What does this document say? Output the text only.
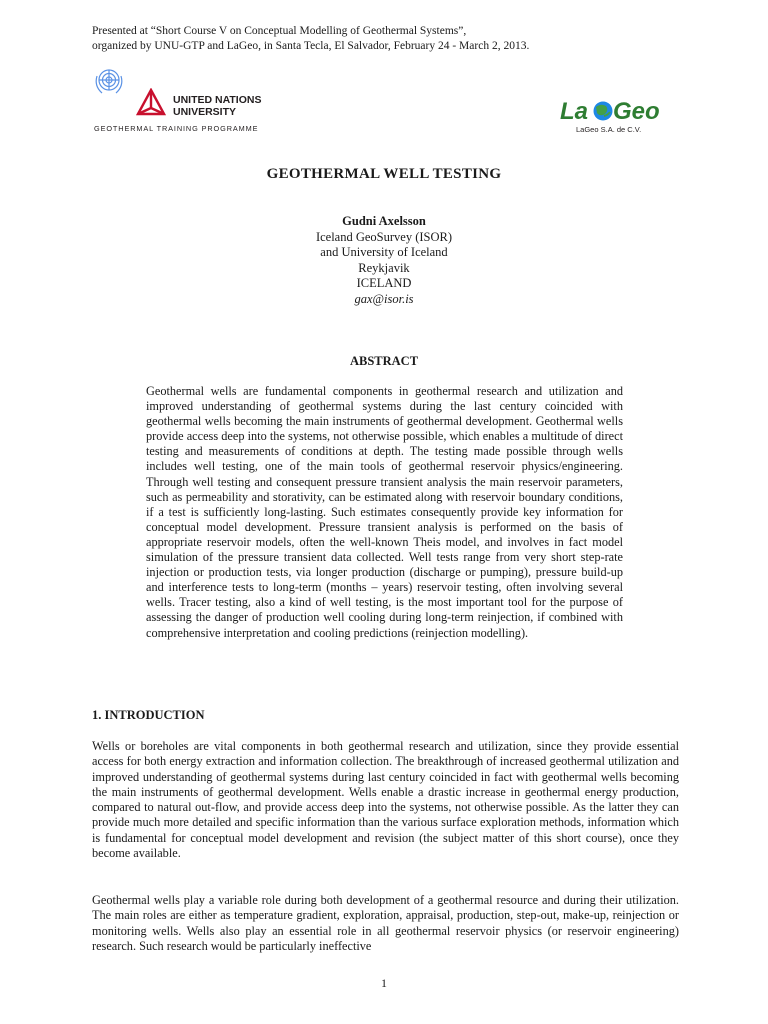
Presented at “Short Course V on Conceptual Modelling of Geothermal Systems”,
organized by UNU-GTP and LaGeo, in Santa Tecla, El Salvador, February 24 - March 2, 2013.
UNITED NATIONS
UNIVERSITY
GEOTHERMAL TRAINING PROGRAMME
La Geo
LaGeo S.A. de C.V.
GEOTHERMAL WELL TESTING
Gudni Axelsson
Iceland GeoSurvey (ISOR)
and University of Iceland
Reykjavik
ICELAND
gax@isor.is
ABSTRACT

Geothermal wells are fundamental components in geothermal research and utilization and improved understanding of geothermal systems during the last century coincided with geothermal wells becoming the main instruments of geothermal development. Geothermal wells provide access deep into the systems, not otherwise possible, which enables a multitude of direct testing and measurements of conditions at depth. The testing made possible through wells includes well testing, one of the main tools of geothermal reservoir physics/engineering. Through well testing and consequent pressure transient analysis the main reservoir parameters, such as permeability and storativity, can be estimated along with reservoir boundary conditions, if a test is sufficiently long-lasting. Such estimates consequently provide key information for conceptual model development. Pressure transient analysis is performed on the basis of appropriate reservoir models, often the well-known Theis model, and involves in fact model simulation of the pressure transient data collected. Well tests range from very short step-rate injection or production tests, via longer production (discharge or pumping), pressure build-up and interference tests to long-term (months – years) reservoir testing, often involving several wells. Tracer testing, also a kind of well testing, is the most important tool for the purpose of assessing the danger of production well cooling during long-term reinjection, if combined with comprehensive interpretation and cooling predictions (reinjection modelling).

1. INTRODUCTION

Wells or boreholes are vital components in both geothermal research and utilization, since they provide essential access for both energy extraction and information collection. The breakthrough of increased geothermal utilization and improved understanding of geothermal systems during last century coincided in fact with geothermal wells becoming the main instruments of geothermal development. Wells enable a drastic increase in geothermal energy production, compared to natural out-flow, and provide access deep into the systems, not otherwise possible. As the latter they can provide much more detailed and specific information than the various surface exploration methods, information which is fundamental for conceptual model development and revision (the subject matter of this short course), once they become available.

Geothermal wells play a variable role during both development of a geothermal resource and during their utilization. The main roles are either as temperature gradient, exploration, appraisal, production, step-out, make-up, reinjection or monitoring wells. Wells also play an essential role in all geothermal reservoir physics (or reservoir engineering) research. Such research would be particularly ineffective

1
